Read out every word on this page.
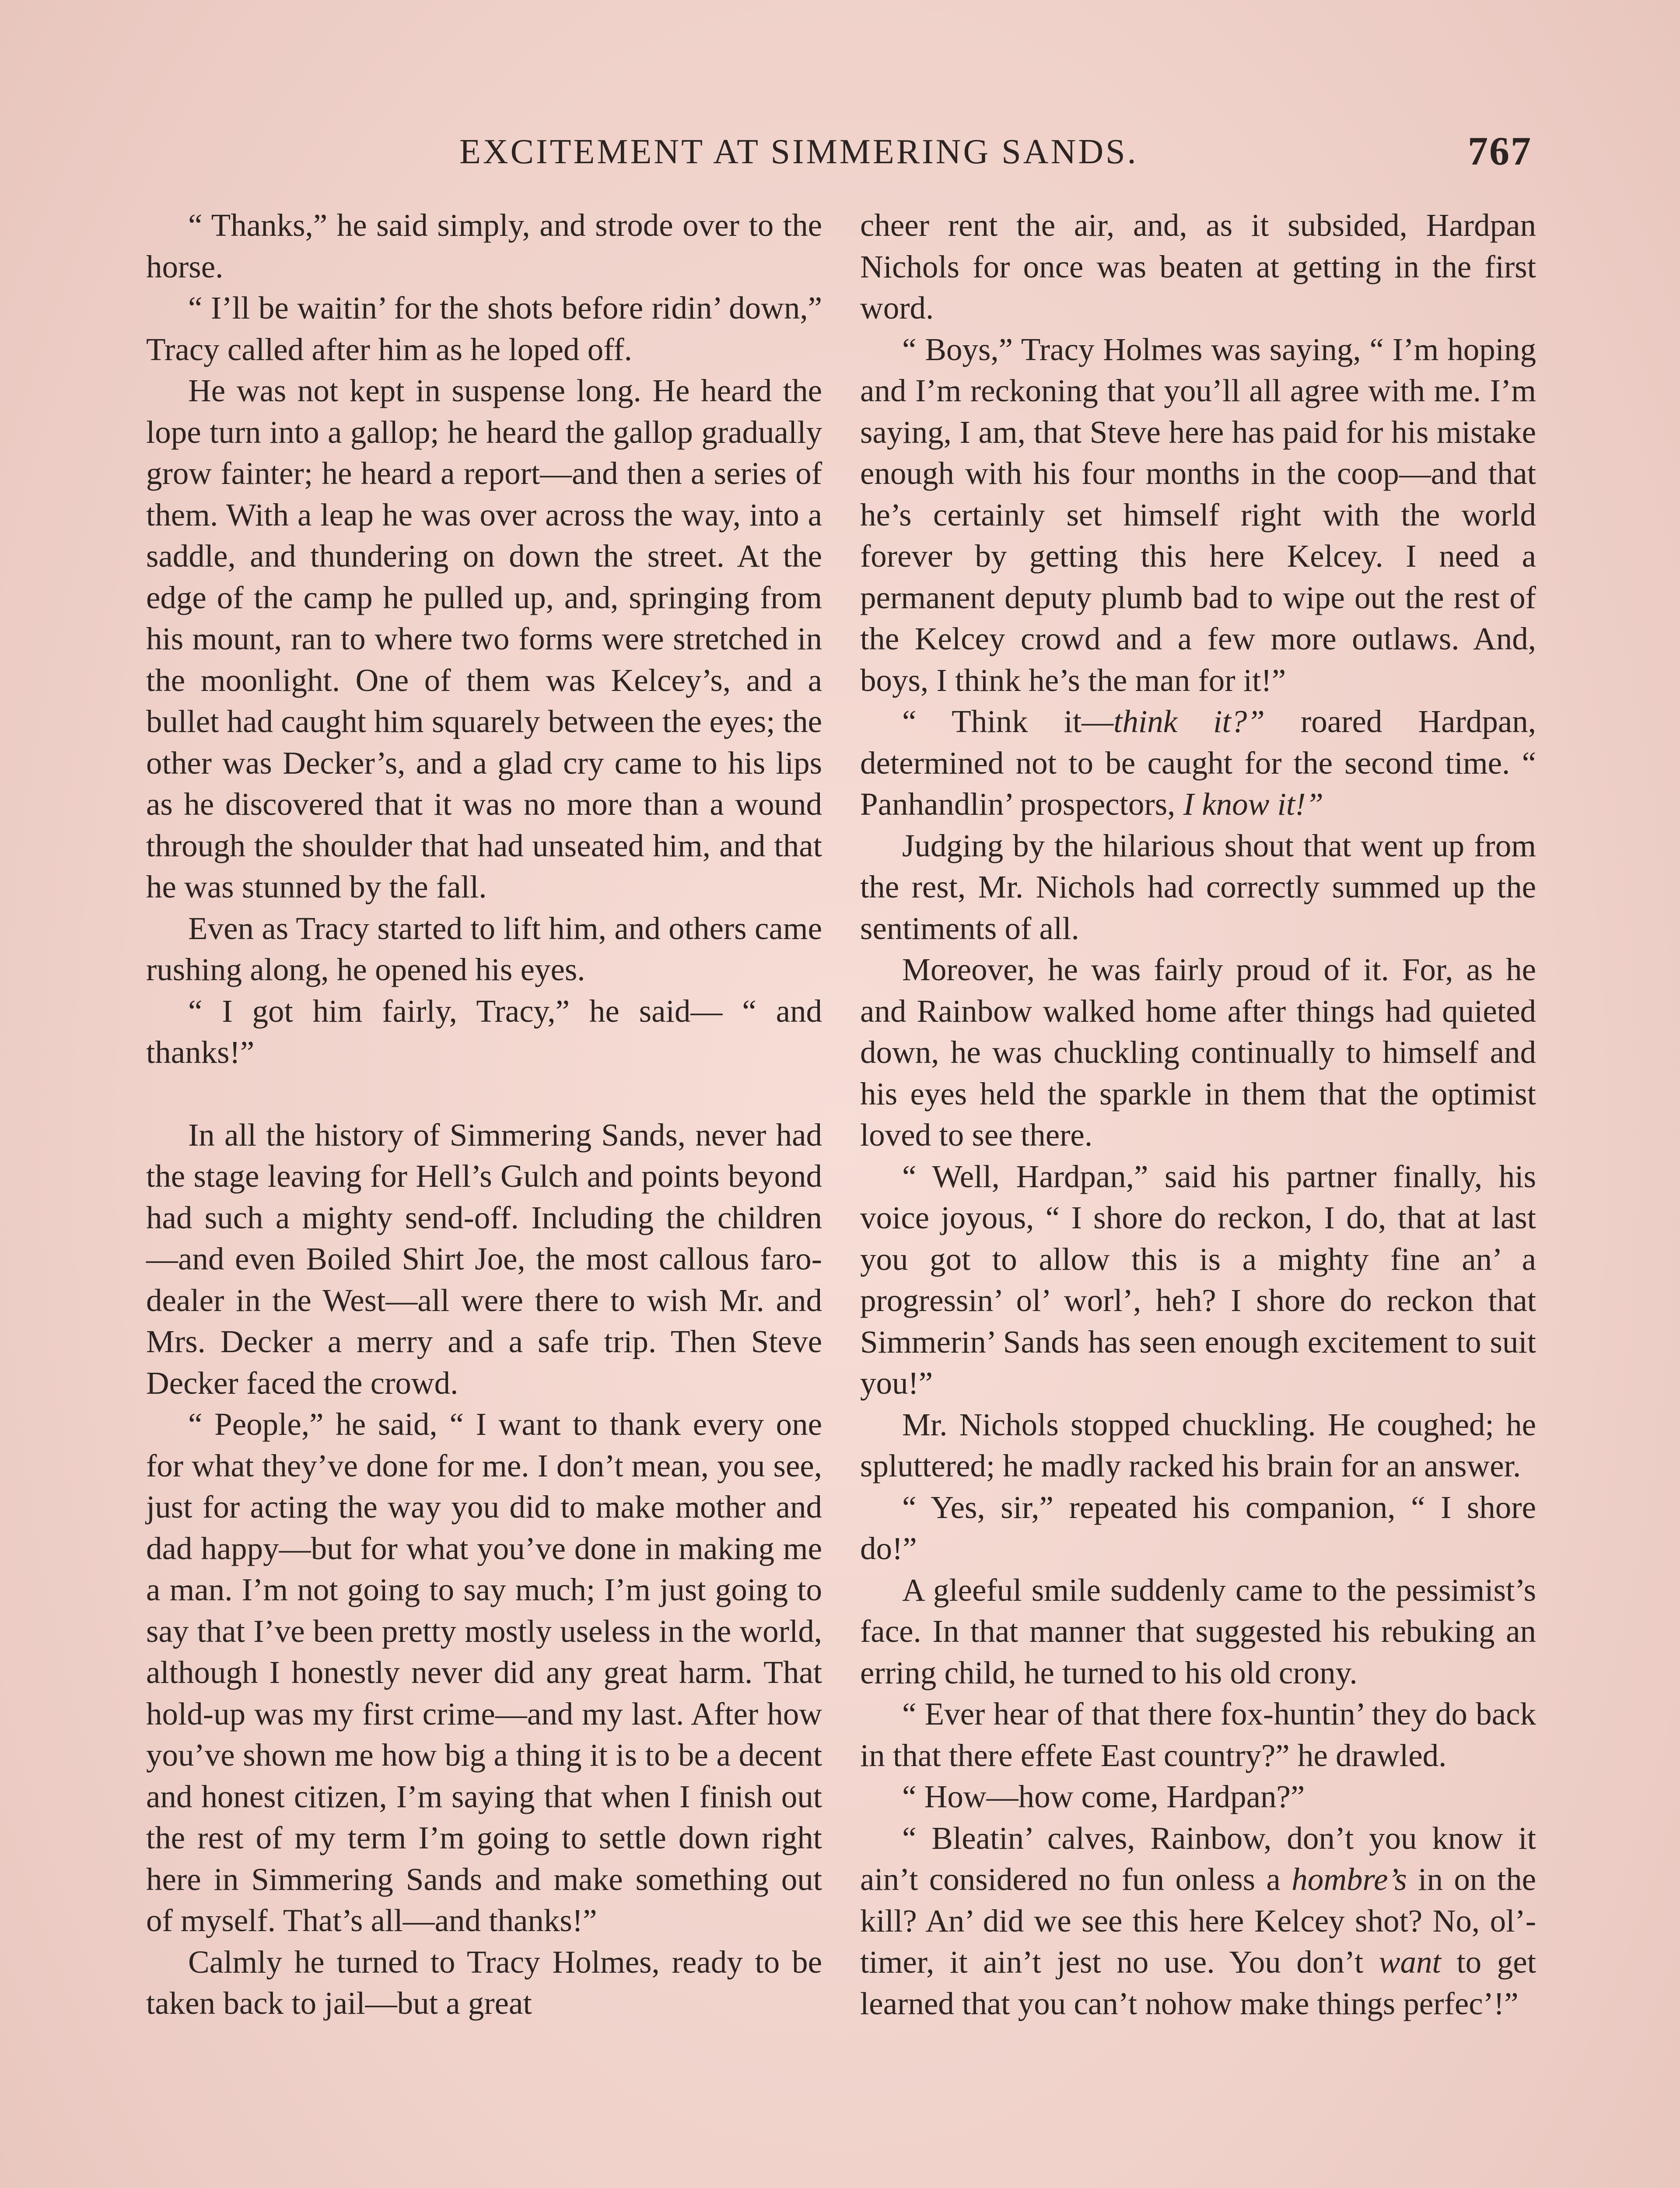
EXCITEMENT AT SIMMERING SANDS.	767

“ Thanks,” he said simply, and strode over to the horse.

“ I’ll be waitin’ for the shots before ridin’ down,” Tracy called after him as he loped off.

He was not kept in suspense long. He heard the lope turn into a gallop; he heard the gallop gradually grow fainter; he heard a report—and then a series of them. With a leap he was over across the way, into a saddle, and thundering on down the street. At the edge of the camp he pulled up, and, springing from his mount, ran to where two forms were stretched in the moonlight. One of them was Kelcey’s, and a bullet had caught him squarely between the eyes; the other was Decker’s, and a glad cry came to his lips as he discovered that it was no more than a wound through the shoulder that had unseated him, and that he was stunned by the fall.

Even as Tracy started to lift him, and others came rushing along, he opened his eyes.

“ I got him fairly, Tracy,” he said— “ and thanks!”

In all the history of Simmering Sands, never had the stage leaving for Hell’s Gulch and points beyond had such a mighty send-off. Including the children—and even Boiled Shirt Joe, the most callous faro-dealer in the West—all were there to wish Mr. and Mrs. Decker a merry and a safe trip. Then Steve Decker faced the crowd.

“ People,” he said, “ I want to thank every one for what they’ve done for me. I don’t mean, you see, just for acting the way you did to make mother and dad happy—but for what you’ve done in making me a man. I’m not going to say much; I’m just going to say that I’ve been pretty mostly useless in the world, although I honestly never did any great harm. That hold-up was my first crime—and my last. After how you’ve shown me how big a thing it is to be a decent and honest citizen, I’m saying that when I finish out the rest of my term I’m going to settle down right here in Simmering Sands and make something out of myself. That’s all—and thanks!”

Calmly he turned to Tracy Holmes, ready to be taken back to jail—but a great

cheer rent the air, and, as it subsided, Hardpan Nichols for once was beaten at getting in the first word.

“ Boys,” Tracy Holmes was saying, “ I’m hoping and I’m reckoning that you’ll all agree with me. I’m saying, I am, that Steve here has paid for his mistake enough with his four months in the coop—and that he’s certainly set himself right with the world forever by getting this here Kelcey. I need a permanent deputy plumb bad to wipe out the rest of the Kelcey crowd and a few more outlaws. And, boys, I think he’s the man for it!”

“ Think it—think it?” roared Hardpan, determined not to be caught for the second time. “ Panhandlin’ prospectors, I know it!”

Judging by the hilarious shout that went up from the rest, Mr. Nichols had correctly summed up the sentiments of all.

Moreover, he was fairly proud of it. For, as he and Rainbow walked home after things had quieted down, he was chuckling continually to himself and his eyes held the sparkle in them that the optimist loved to see there.

“ Well, Hardpan,” said his partner finally, his voice joyous, “ I shore do reckon, I do, that at last you got to allow this is a mighty fine an’ a progressin’ ol’ worl’, heh? I shore do reckon that Simmerin’ Sands has seen enough excitement to suit you!”

Mr. Nichols stopped chuckling. He coughed; he spluttered; he madly racked his brain for an answer.

“ Yes, sir,” repeated his companion, “ I shore do!”

A gleeful smile suddenly came to the pessimist’s face. In that manner that suggested his rebuking an erring child, he turned to his old crony.

“ Ever hear of that there fox-huntin’ they do back in that there effete East country?” he drawled.

“ How—how come, Hardpan?”

“ Bleatin’ calves, Rainbow, don’t you know it ain’t considered no fun onless a hombre’s in on the kill? An’ did we see this here Kelcey shot? No, ol’-timer, it ain’t jest no use. You don’t want to get learned that you can’t nohow make things perfec’!”
